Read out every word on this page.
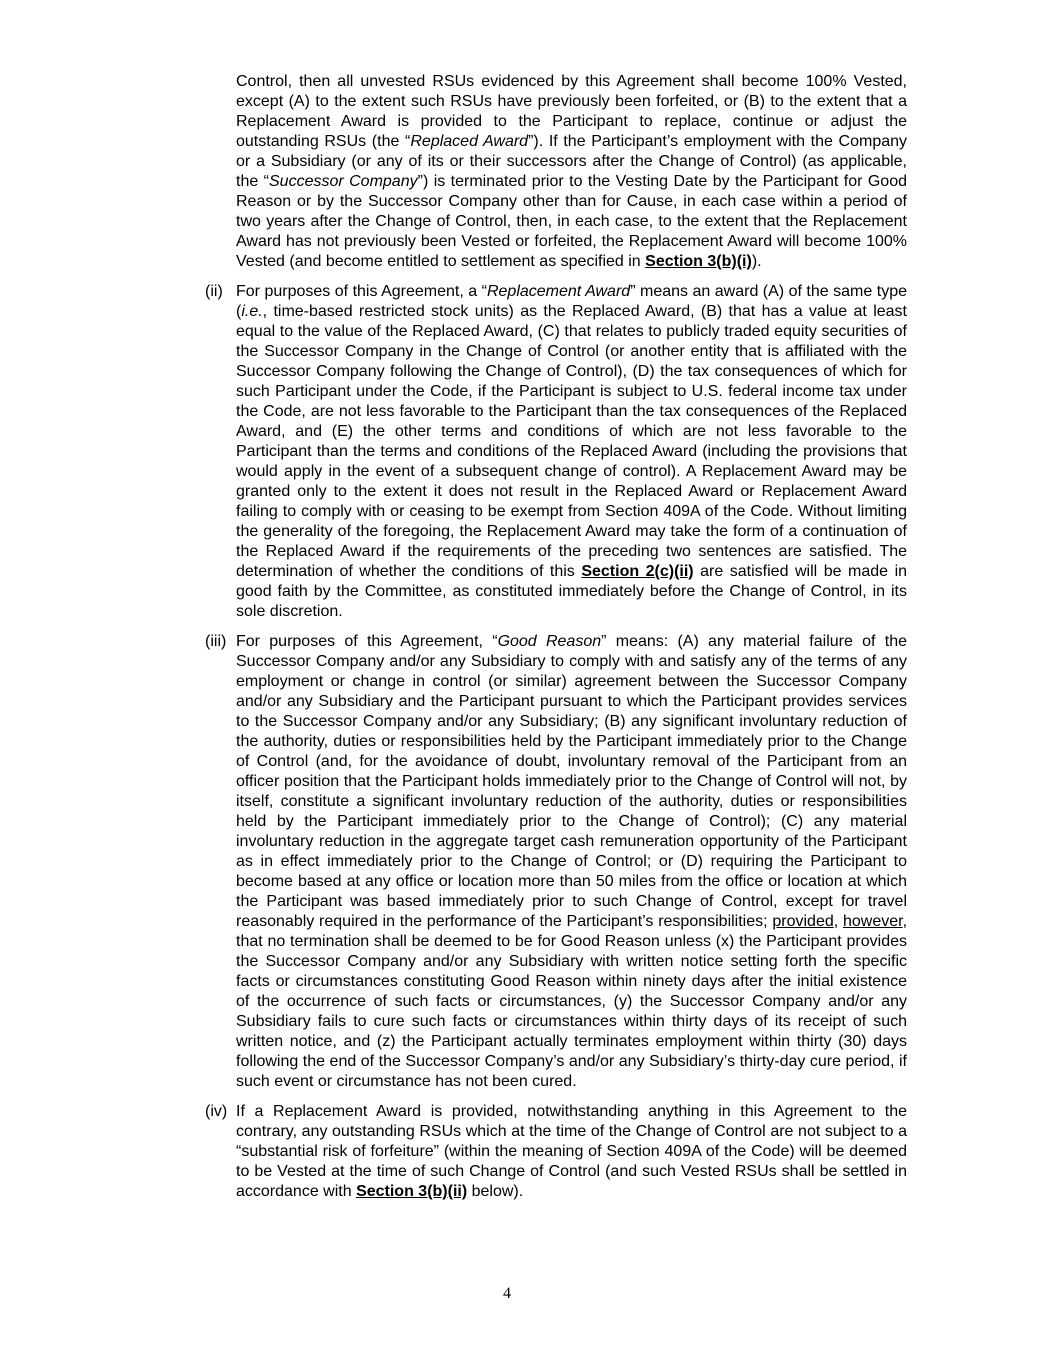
Control, then all unvested RSUs evidenced by this Agreement shall become 100% Vested, except (A) to the extent such RSUs have previously been forfeited, or (B) to the extent that a Replacement Award is provided to the Participant to replace, continue or adjust the outstanding RSUs (the “Replaced Award”). If the Participant’s employment with the Company or a Subsidiary (or any of its or their successors after the Change of Control) (as applicable, the “Successor Company”) is terminated prior to the Vesting Date by the Participant for Good Reason or by the Successor Company other than for Cause, in each case within a period of two years after the Change of Control, then, in each case, to the extent that the Replacement Award has not previously been Vested or forfeited, the Replacement Award will become 100% Vested (and become entitled to settlement as specified in Section 3(b)(i)).
(ii) For purposes of this Agreement, a “Replacement Award” means an award (A) of the same type (i.e., time-based restricted stock units) as the Replaced Award, (B) that has a value at least equal to the value of the Replaced Award, (C) that relates to publicly traded equity securities of the Successor Company in the Change of Control (or another entity that is affiliated with the Successor Company following the Change of Control), (D) the tax consequences of which for such Participant under the Code, if the Participant is subject to U.S. federal income tax under the Code, are not less favorable to the Participant than the tax consequences of the Replaced Award, and (E) the other terms and conditions of which are not less favorable to the Participant than the terms and conditions of the Replaced Award (including the provisions that would apply in the event of a subsequent change of control). A Replacement Award may be granted only to the extent it does not result in the Replaced Award or Replacement Award failing to comply with or ceasing to be exempt from Section 409A of the Code. Without limiting the generality of the foregoing, the Replacement Award may take the form of a continuation of the Replaced Award if the requirements of the preceding two sentences are satisfied. The determination of whether the conditions of this Section 2(c)(ii) are satisfied will be made in good faith by the Committee, as constituted immediately before the Change of Control, in its sole discretion.
(iii) For purposes of this Agreement, “Good Reason” means: (A) any material failure of the Successor Company and/or any Subsidiary to comply with and satisfy any of the terms of any employment or change in control (or similar) agreement between the Successor Company and/or any Subsidiary and the Participant pursuant to which the Participant provides services to the Successor Company and/or any Subsidiary; (B) any significant involuntary reduction of the authority, duties or responsibilities held by the Participant immediately prior to the Change of Control (and, for the avoidance of doubt, involuntary removal of the Participant from an officer position that the Participant holds immediately prior to the Change of Control will not, by itself, constitute a significant involuntary reduction of the authority, duties or responsibilities held by the Participant immediately prior to the Change of Control); (C) any material involuntary reduction in the aggregate target cash remuneration opportunity of the Participant as in effect immediately prior to the Change of Control; or (D) requiring the Participant to become based at any office or location more than 50 miles from the office or location at which the Participant was based immediately prior to such Change of Control, except for travel reasonably required in the performance of the Participant’s responsibilities; provided, however, that no termination shall be deemed to be for Good Reason unless (x) the Participant provides the Successor Company and/or any Subsidiary with written notice setting forth the specific facts or circumstances constituting Good Reason within ninety days after the initial existence of the occurrence of such facts or circumstances, (y) the Successor Company and/or any Subsidiary fails to cure such facts or circumstances within thirty days of its receipt of such written notice, and (z) the Participant actually terminates employment within thirty (30) days following the end of the Successor Company’s and/or any Subsidiary’s thirty-day cure period, if such event or circumstance has not been cured.
(iv) If a Replacement Award is provided, notwithstanding anything in this Agreement to the contrary, any outstanding RSUs which at the time of the Change of Control are not subject to a “substantial risk of forfeiture” (within the meaning of Section 409A of the Code) will be deemed to be Vested at the time of such Change of Control (and such Vested RSUs shall be settled in accordance with Section 3(b)(ii) below).
4
